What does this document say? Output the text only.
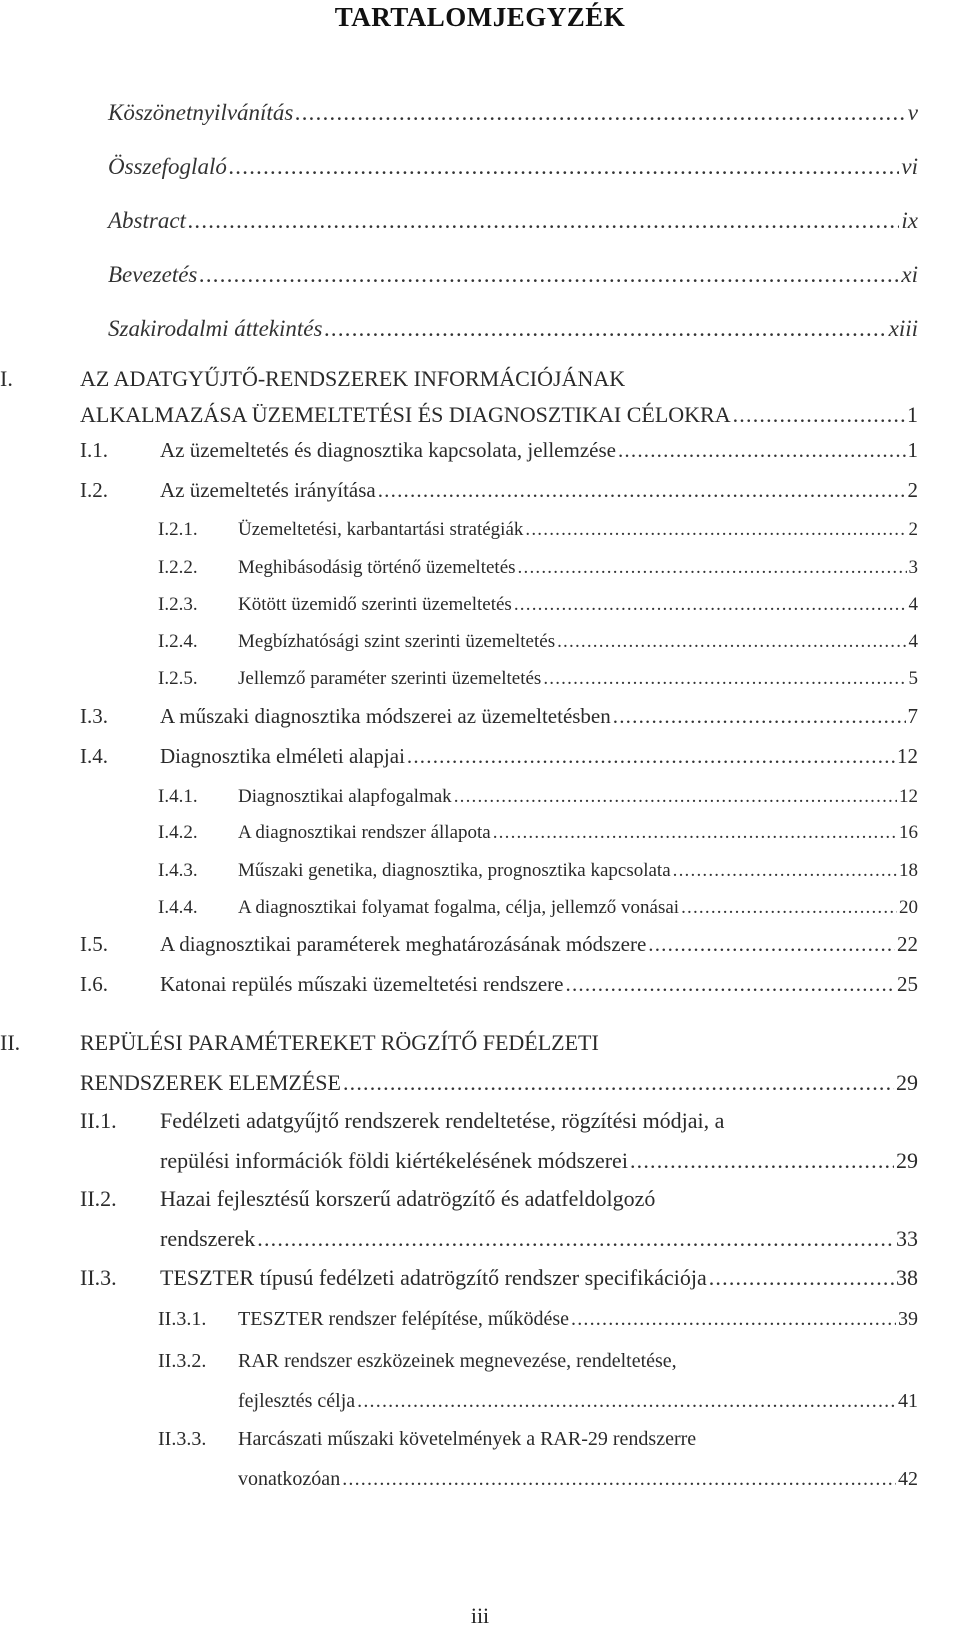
TARTALOMJEGYZÉK
Köszönetnyilvánítás .....	v
Összefoglaló .....	vi
Abstract .....	ix
Bevezetés .....	xi
Szakirodalmi áttekintés .....	xiii
I.	AZ ADATGYŰJTŐ-RENDSZEREK INFORMÁCIÓJÁNAK
ALKALMAZÁSA ÜZEMELTETÉSI ÉS DIAGNOSZTIKAI CÉLOKRA .....	1
I.1. Az üzemeltetés és diagnosztika kapcsolata, jellemzése .....	1
I.2. Az üzemeltetés irányítása .....	2
I.2.1. Üzemeltetési, karbantartási stratégiák .....	2
I.2.2. Meghibásodásig történő üzemeltetés .....	3
I.2.3. Kötött üzemidő szerinti üzemeltetés .....	4
I.2.4. Megbízhatósági szint szerinti üzemeltetés .....	4
I.2.5. Jellemző paraméter szerinti üzemeltetés .....	5
I.3. A műszaki diagnosztika módszerei az üzemeltetésben .....	7
I.4. Diagnosztika elméleti alapjai .....	12
I.4.1. Diagnosztikai alapfogalmak .....	12
I.4.2. A diagnosztikai rendszer állapota .....	16
I.4.3. Műszaki genetika, diagnosztika, prognosztika kapcsolata .....	18
I.4.4. A diagnosztikai folyamat fogalma, célja, jellemző vonásai .....	20
I.5. A diagnosztikai paraméterek meghatározásának módszere .....	22
I.6. Katonai repülés műszaki üzemeltetési rendszere .....	25
II.	REPÜLÉSI PARAMÉTEREKET RÖGZÍTŐ FEDÉLZETI
RENDSZEREK ELEMZÉSE .....	29
II.1. Fedélzeti adatgyűjtő rendszerek rendeltetése, rögzítési módjai, a
repülési információk földi kiértékelésének módszerei .....	29
II.2. Hazai fejlesztésű korszerű adatrögzítő és adatfeldolgozó
rendszerek .....	33
II.3. TESZTER típusú fedélzeti adatrögzítő rendszer specifikációja .....	38
II.3.1. TESZTER rendszer felépítése, működése .....	39
II.3.2. RAR rendszer eszközeinek megnevezése, rendeltetése,
fejlesztés célja .....	41
II.3.3. Harcászati műszaki követelmények a RAR-29 rendszerre
vonatkozóan .....	42
iii
